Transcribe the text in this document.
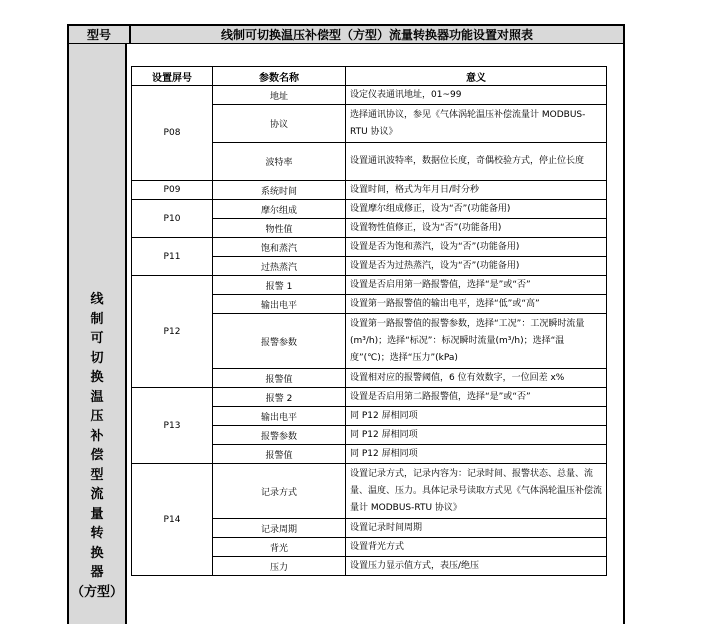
型号	线制可切换温压补偿型（方型）流量转换器功能设置对照表
线
制
可
切
换
温
压
补
偿
型
流
量
转
换
器
（方型）
设置屏号	参数名称	意义
P08	地址	设定仪表通讯地址，01~99
	协议	选择通讯协议，参见《气体涡轮温压补偿流量计 MODBUS-RTU 协议》
	波特率	设置通讯波特率，数据位长度，奇偶校验方式，停止位长度
P09	系统时间	设置时间，格式为年月日/时分秒
P10	摩尔组成	设置摩尔组成修正，设为“否”(功能备用)
	物性值	设置物性值修正，设为“否”(功能备用)
P11	饱和蒸汽	设置是否为饱和蒸汽，设为“否”(功能备用)
	过热蒸汽	设置是否为过热蒸汽，设为“否”(功能备用)
P12	报警 1	设置是否启用第一路报警值，选择“是”或“否”
	输出电平	设置第一路报警值的输出电平，选择“低”或“高”
	报警参数	设置第一路报警值的报警参数，选择“工况”：工况瞬时流量(m³/h)；选择“标况”：标况瞬时流量(m³/h)；选择“温度”(℃)；选择“压力”(kPa)
	报警值	设置相对应的报警阈值，6 位有效数字，一位回差 x%
P13	报警 2	设置是否启用第二路报警值，选择“是”或“否”
	输出电平	同 P12 屏相同项
	报警参数	同 P12 屏相同项
	报警值	同 P12 屏相同项
P14	记录方式	设置记录方式，记录内容为：记录时间、报警状态、总量、流量、温度、压力。具体记录号读取方式见《气体涡轮温压补偿流量计 MODBUS-RTU 协议》
	记录周期	设置记录时间周期
	背光	设置背光方式
	压力	设置压力显示值方式，表压/绝压
